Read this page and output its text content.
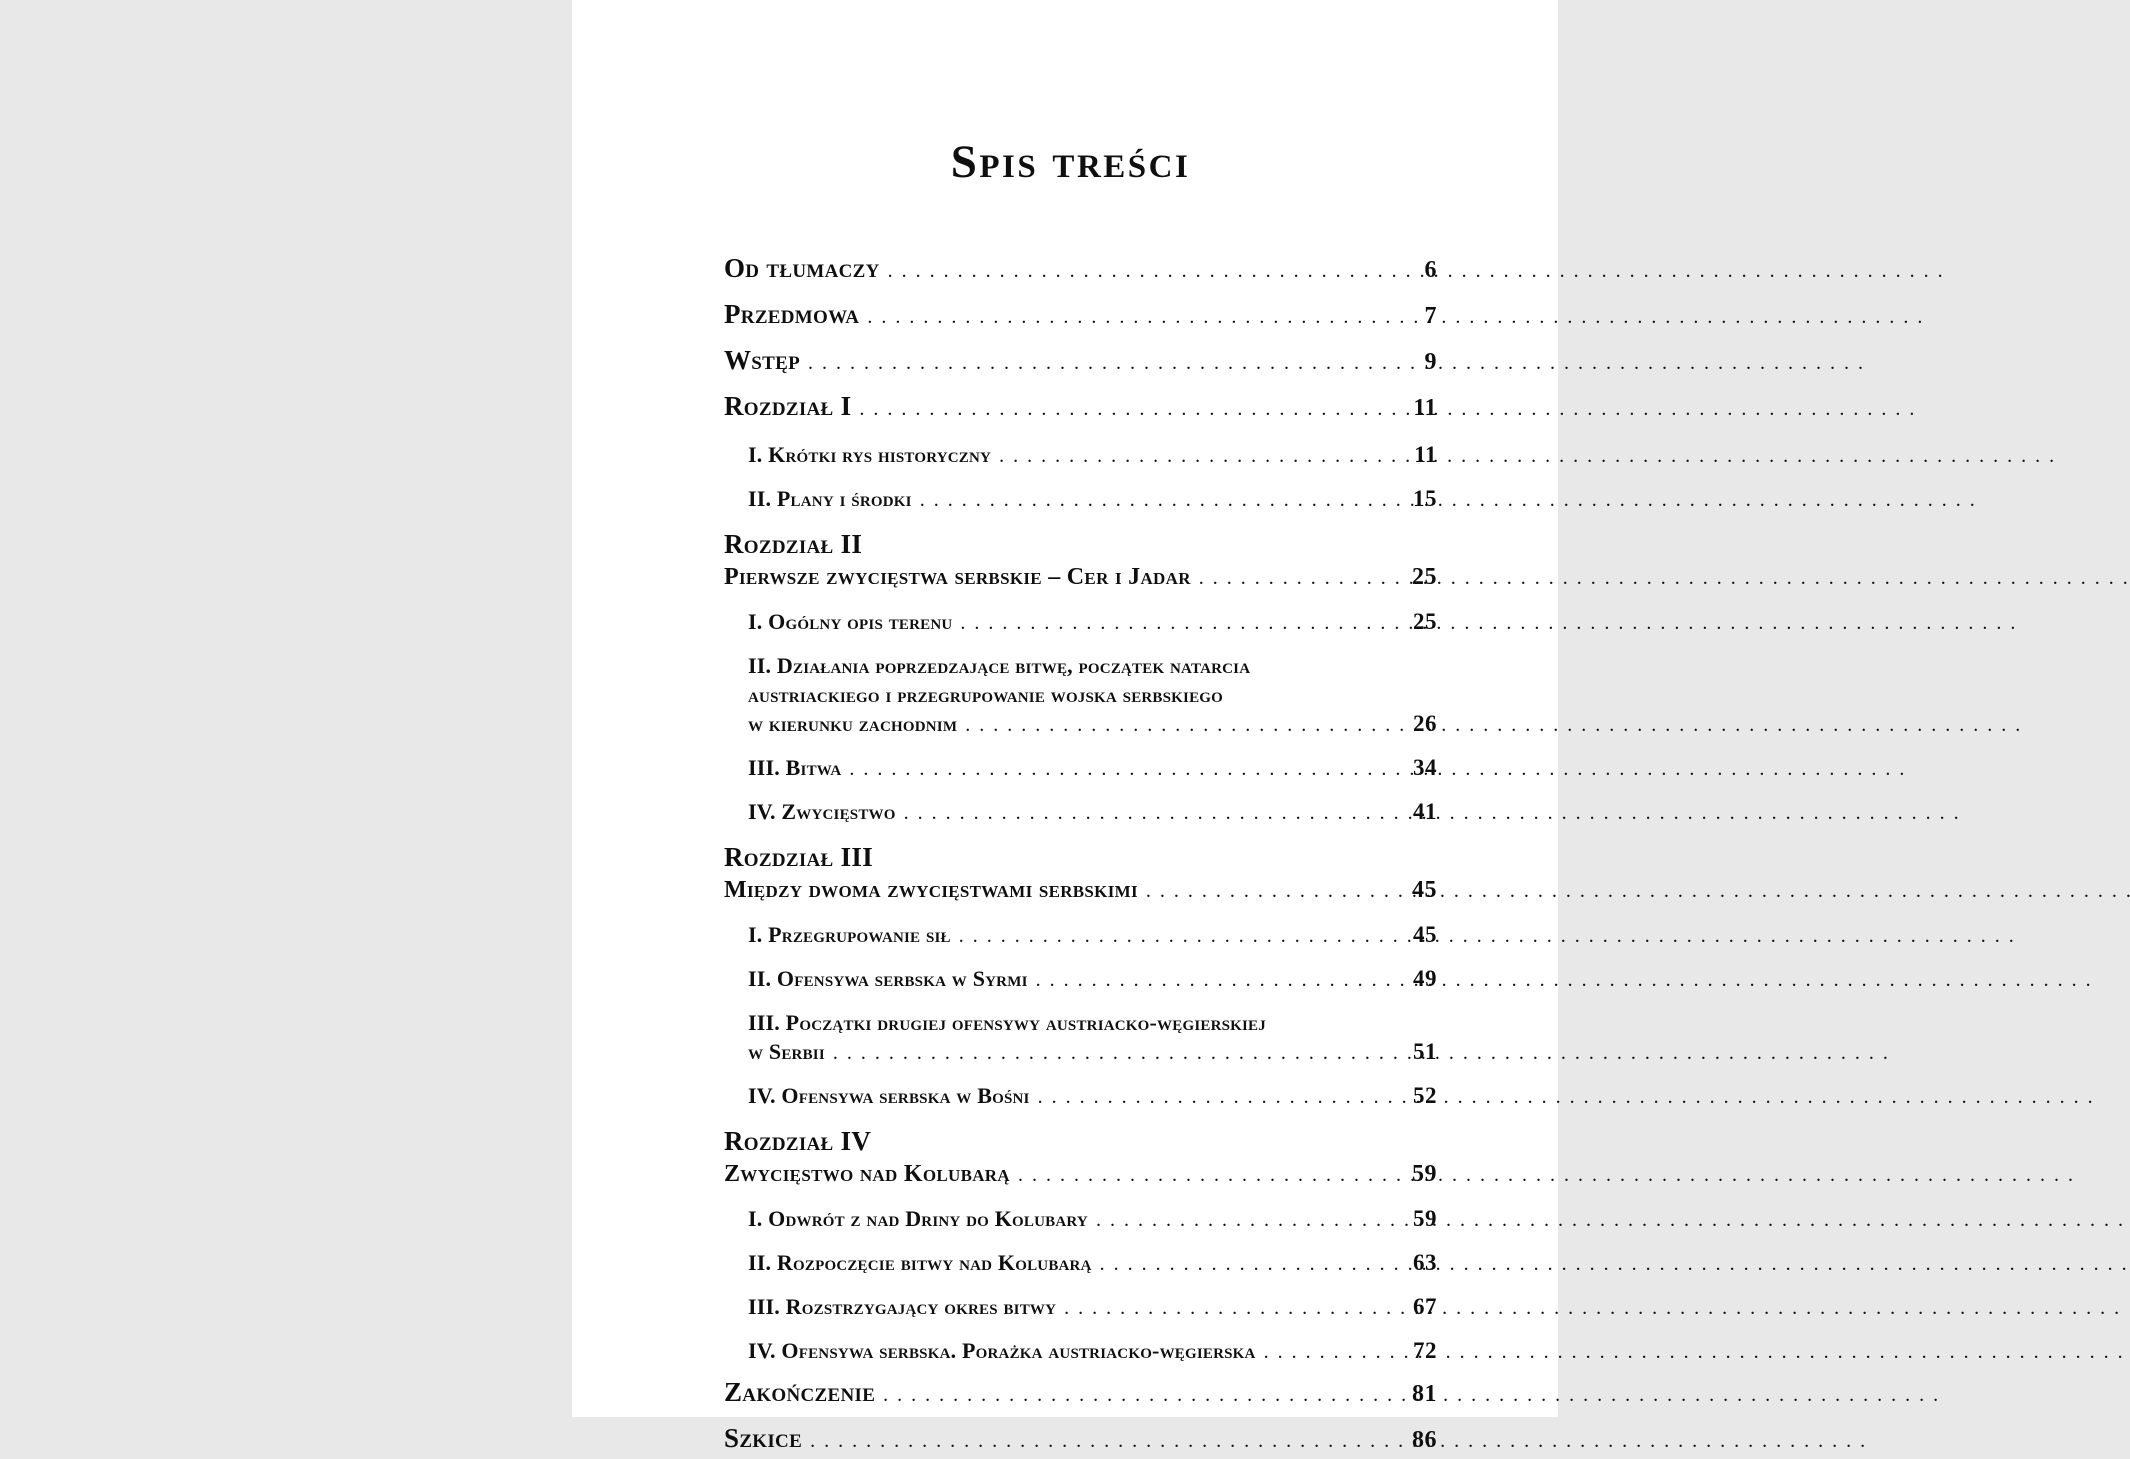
Spis treści
Od tłumaczy . . .	6
Przedmowa . . .	7
Wstęp . . .	9
Rozdział I . . .	11
I. Krótki rys historyczny . . .	11
II. Plany i środki . . .	15
Rozdział II
Pierwsze zwycięstwa serbskie – Cer i Jadar . . .	25
I. Ogólny opis terenu . . .	25
II. Działania poprzedzające bitwę, początek natarcia
austriackiego i przegrupowanie wojska serbskiego
w kierunku zachodnim . . .	26
III. Bitwa . . .	34
IV. Zwycięstwo . . .	41
Rozdział III
Między dwoma zwycięstwami serbskimi . . .	45
I. Przegrupowanie sił . . .	45
II. Ofensywa serbska w Syrmi . . .	49
III. Początki drugiej ofensywy austriacko-węgierskiej
w Serbii . . .	51
IV. Ofensywa serbska w Bośni . . .	52
Rozdział IV
Zwycięstwo nad Kolubarą . . .	59
I. Odwrót z nad Driny do Kolubary . . .	59
II. Rozpoczęcie bitwy nad Kolubarą . . .	63
III. Rozstrzygający okres bitwy . . .	67
IV. Ofensywa serbska. Porażka austriacko-węgierska . . .	72
Zakończenie . . .	81
Szkice . . .	86
